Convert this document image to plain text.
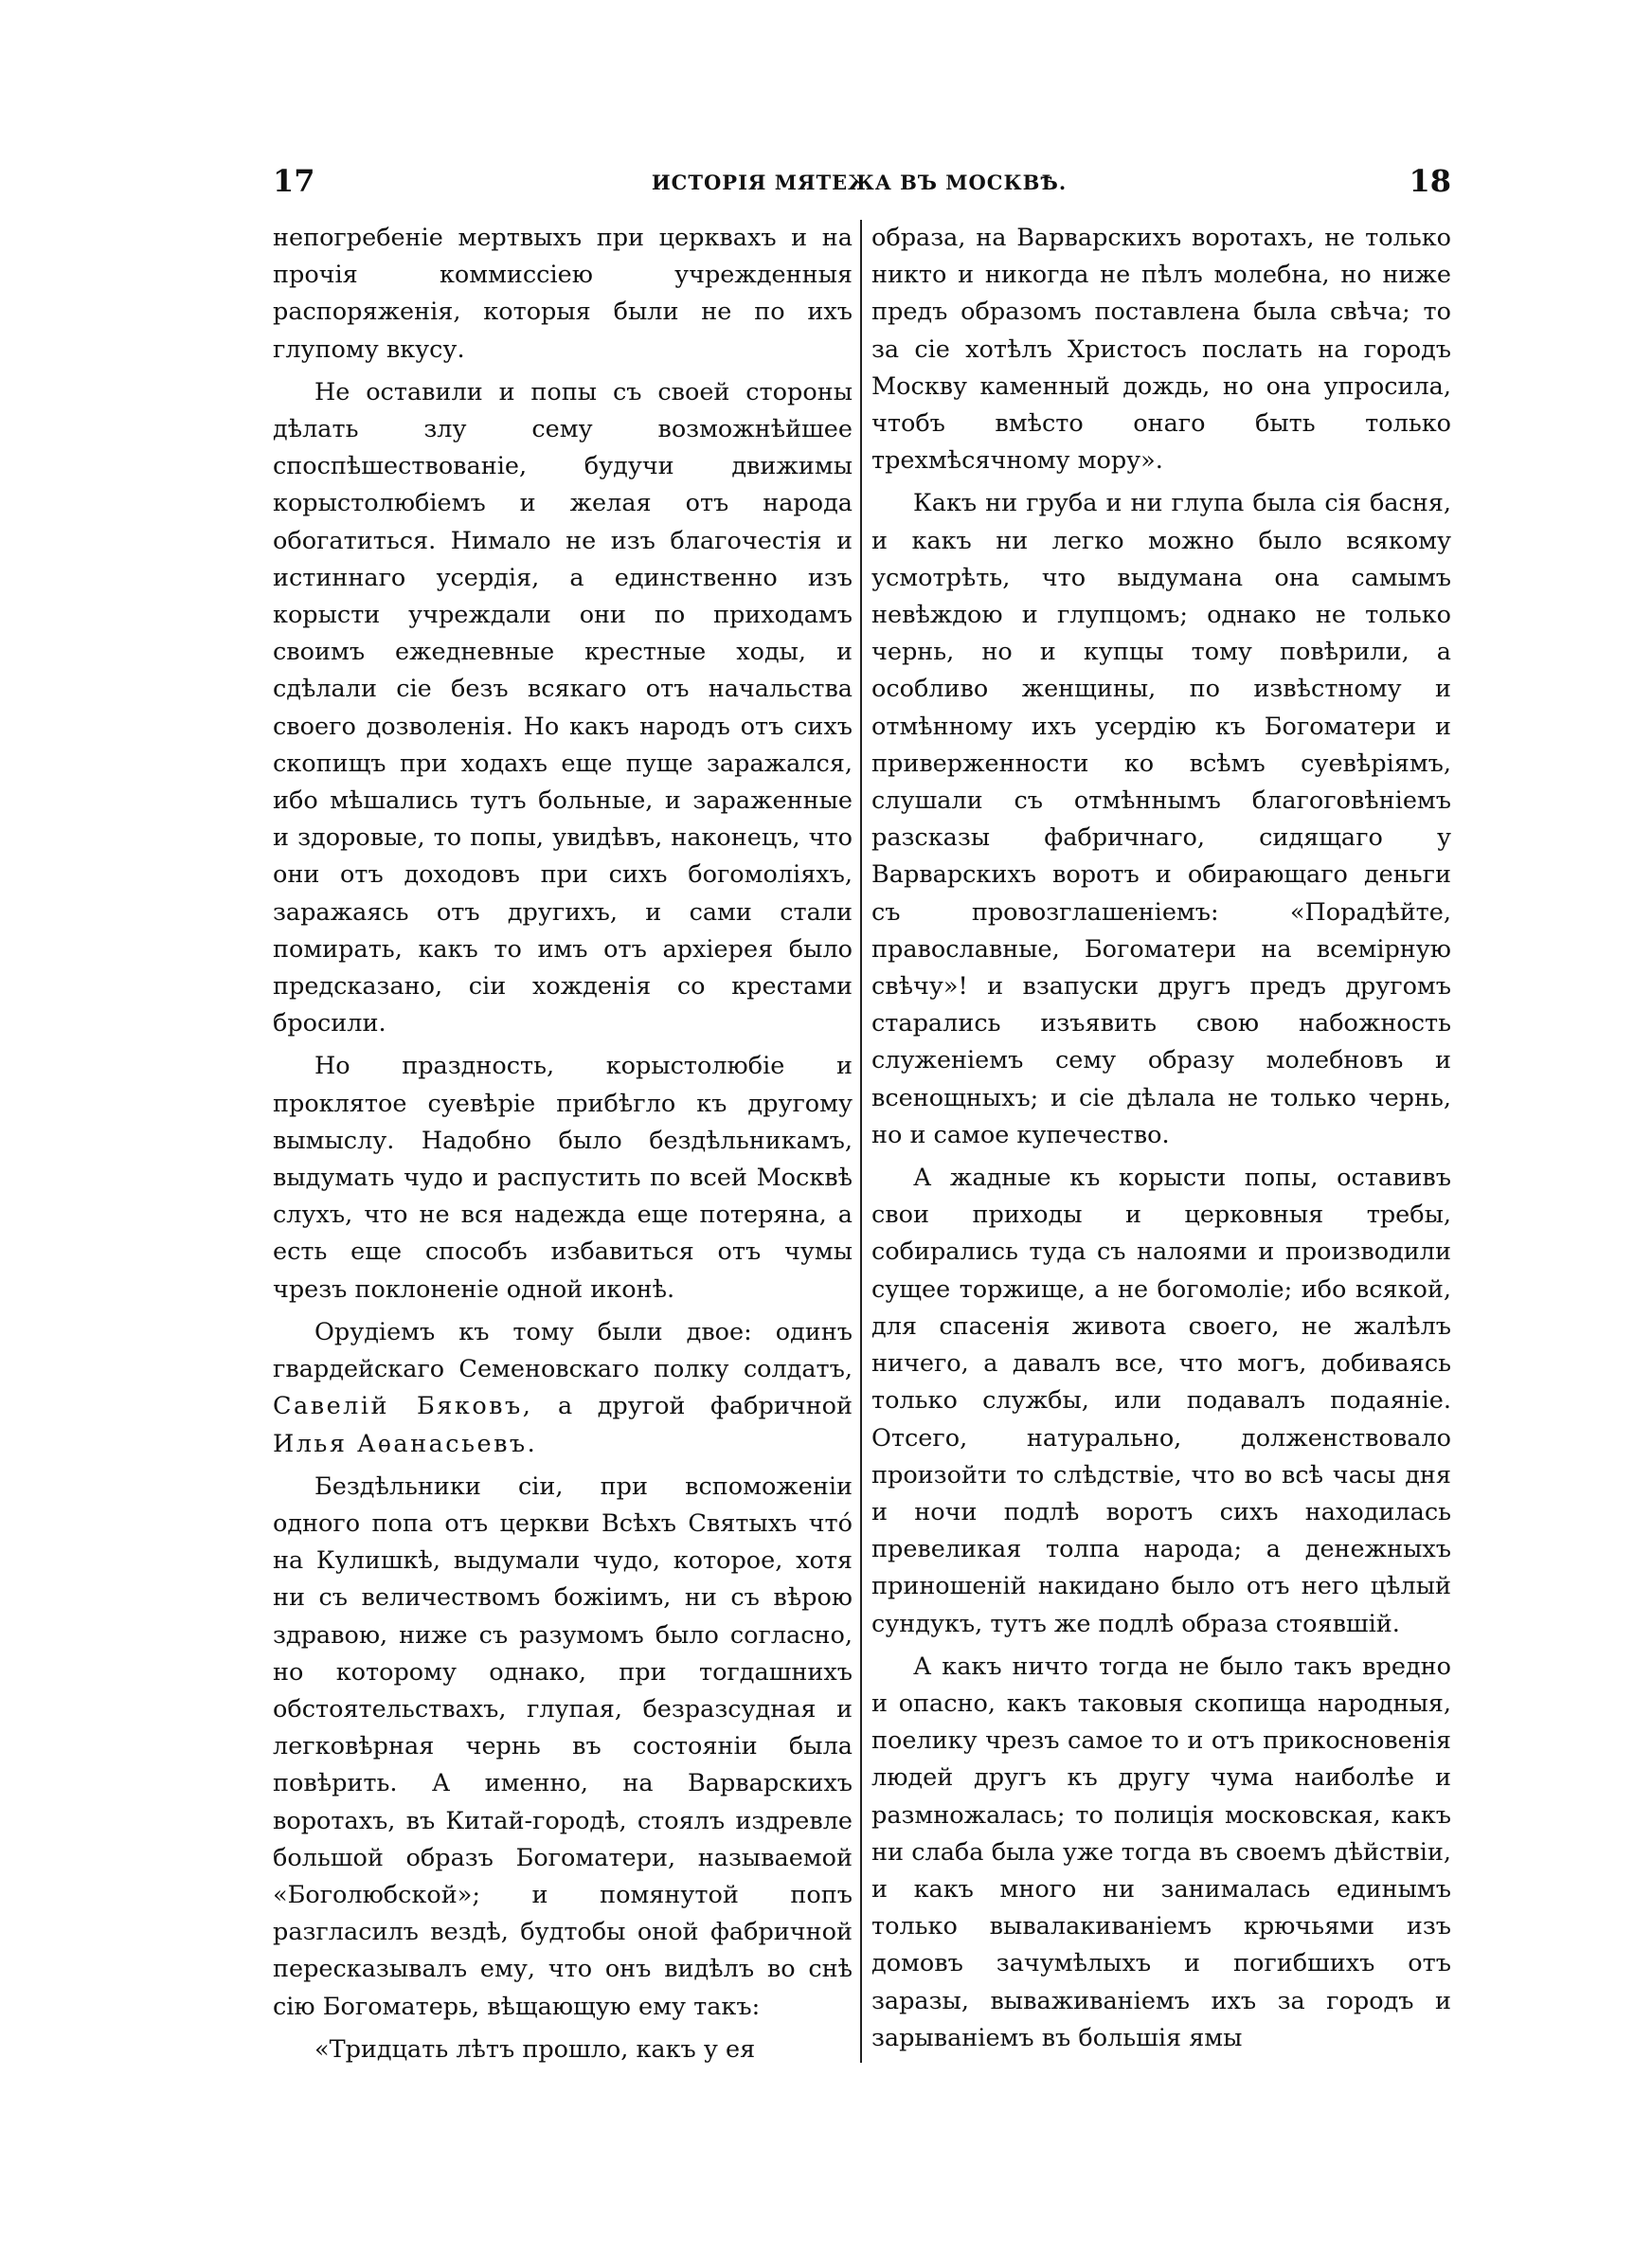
17	ИСТОРІЯ МЯТЕЖА ВЪ МОСКВѢ.	18

непогребеніе мертвыхъ при церквахъ и на прочія коммиссіею учрежденныя распоряженія, которыя были не по ихъ глупому вкусу.

Не оставили и попы съ своей стороны дѣлать злу сему возможнѣйшее споспѣшествованіе, будучи движимы корыстолюбіемъ и желая отъ народа обогатиться. Нимало не изъ благочестія и истиннаго усердія, а единственно изъ корысти учреждали они по приходамъ своимъ ежедневные крестные ходы, и сдѣлали сіе безъ всякаго отъ начальства своего дозволенія. Но какъ народъ отъ сихъ скопищъ при ходахъ еще пуще заражался, ибо мѣшались тутъ больные, и зараженные и здоровые, то попы, увидѣвъ, наконецъ, что они отъ доходовъ при сихъ богомоліяхъ, заражаясь отъ другихъ, и сами стали помирать, какъ то имъ отъ архіерея было предсказано, сіи хожденія со крестами бросили.

Но праздность, корыстолюбіе и проклятое суевѣріе прибѣгло къ другому вымыслу. Надобно было бездѣльникамъ, выдумать чудо и распустить по всей Москвѣ слухъ, что не вся надежда еще потеряна, а есть еще способъ избавиться отъ чумы чрезъ поклоненіе одной иконѣ.

Орудіемъ къ тому были двое: одинъ гвардейскаго Семеновскаго полку солдатъ, Савелій Бяковъ, а другой фабричной Илья Аѳанасьевъ.

Бездѣльники сіи, при вспоможеніи одного попа отъ церкви Всѣхъ Святыхъ чтó на Кулишкѣ, выдумали чудо, которое, хотя ни съ величествомъ божіимъ, ни съ вѣрою здравою, ниже съ разумомъ было согласно, но которому однако, при тогдашнихъ обстоятельствахъ, глупая, безразсудная и легковѣрная чернь въ состояніи была повѣрить. А именно, на Варварскихъ воротахъ, въ Китай-городѣ, стоялъ издревле большой образъ Богоматери, называемой «Боголюбской»; и помянутой попъ разгласилъ вездѣ, будтобы оной фабричной пересказывалъ ему, что онъ видѣлъ во снѣ сію Богоматерь, вѣщающую ему такъ:

«Тридцать лѣтъ прошло, какъ у ея

образа, на Варварскихъ воротахъ, не только никто и никогда не пѣлъ молебна, но ниже предъ образомъ поставлена была свѣча; то за сіе хотѣлъ Христосъ послать на городъ Москву каменный дождь, но она упросила, чтобъ вмѣсто онаго быть только трехмѣсячному мору».

Какъ ни груба и ни глупа была сія басня, и какъ ни легко можно было всякому усмотрѣть, что выдумана она самымъ невѣждою и глупцомъ; однако не только чернь, но и купцы тому повѣрили, а особливо женщины, по извѣстному и отмѣнному ихъ усердію къ Богоматери и приверженности ко всѣмъ суевѣріямъ, слушали съ отмѣннымъ благоговѣніемъ разсказы фабричнаго, сидящаго у Варварскихъ воротъ и обирающаго деньги съ провозглашеніемъ: «Порадѣйте, православные, Богоматери на всемірную свѣчу»! и взапуски другъ предъ другомъ старались изъявить свою набожность служеніемъ сему образу молебновъ и всенощныхъ; и сіе дѣлала не только чернь, но и самое купечество.

А жадные къ корысти попы, оставивъ свои приходы и церковныя требы, собирались туда съ налоями и производили сущее торжище, а не богомоліе; ибо всякой, для спасенія живота своего, не жалѣлъ ничего, а давалъ все, что могъ, добиваясь только службы, или подавалъ подаяніе. Отсего, натурально, долженствовало произойти то слѣдствіе, что во всѣ часы дня и ночи подлѣ воротъ сихъ находилась превеликая толпа народа; а денежныхъ приношеній накидано было отъ него цѣлый сундукъ, тутъ же подлѣ образа стоявшій.

А какъ ничто тогда не было такъ вредно и опасно, какъ таковыя скопища народныя, поелику чрезъ самое то и отъ прикосновенія людей другъ къ другу чума наиболѣе и размножалась; то полиція московская, какъ ни слаба была уже тогда въ своемъ дѣйствіи, и какъ много ни занималась единымъ только вывалакиваніемъ крючьями изъ домовъ зачумѣлыхъ и погибшихъ отъ заразы, вываживаніемъ ихъ за городъ и зарываніемъ въ большія ямы
